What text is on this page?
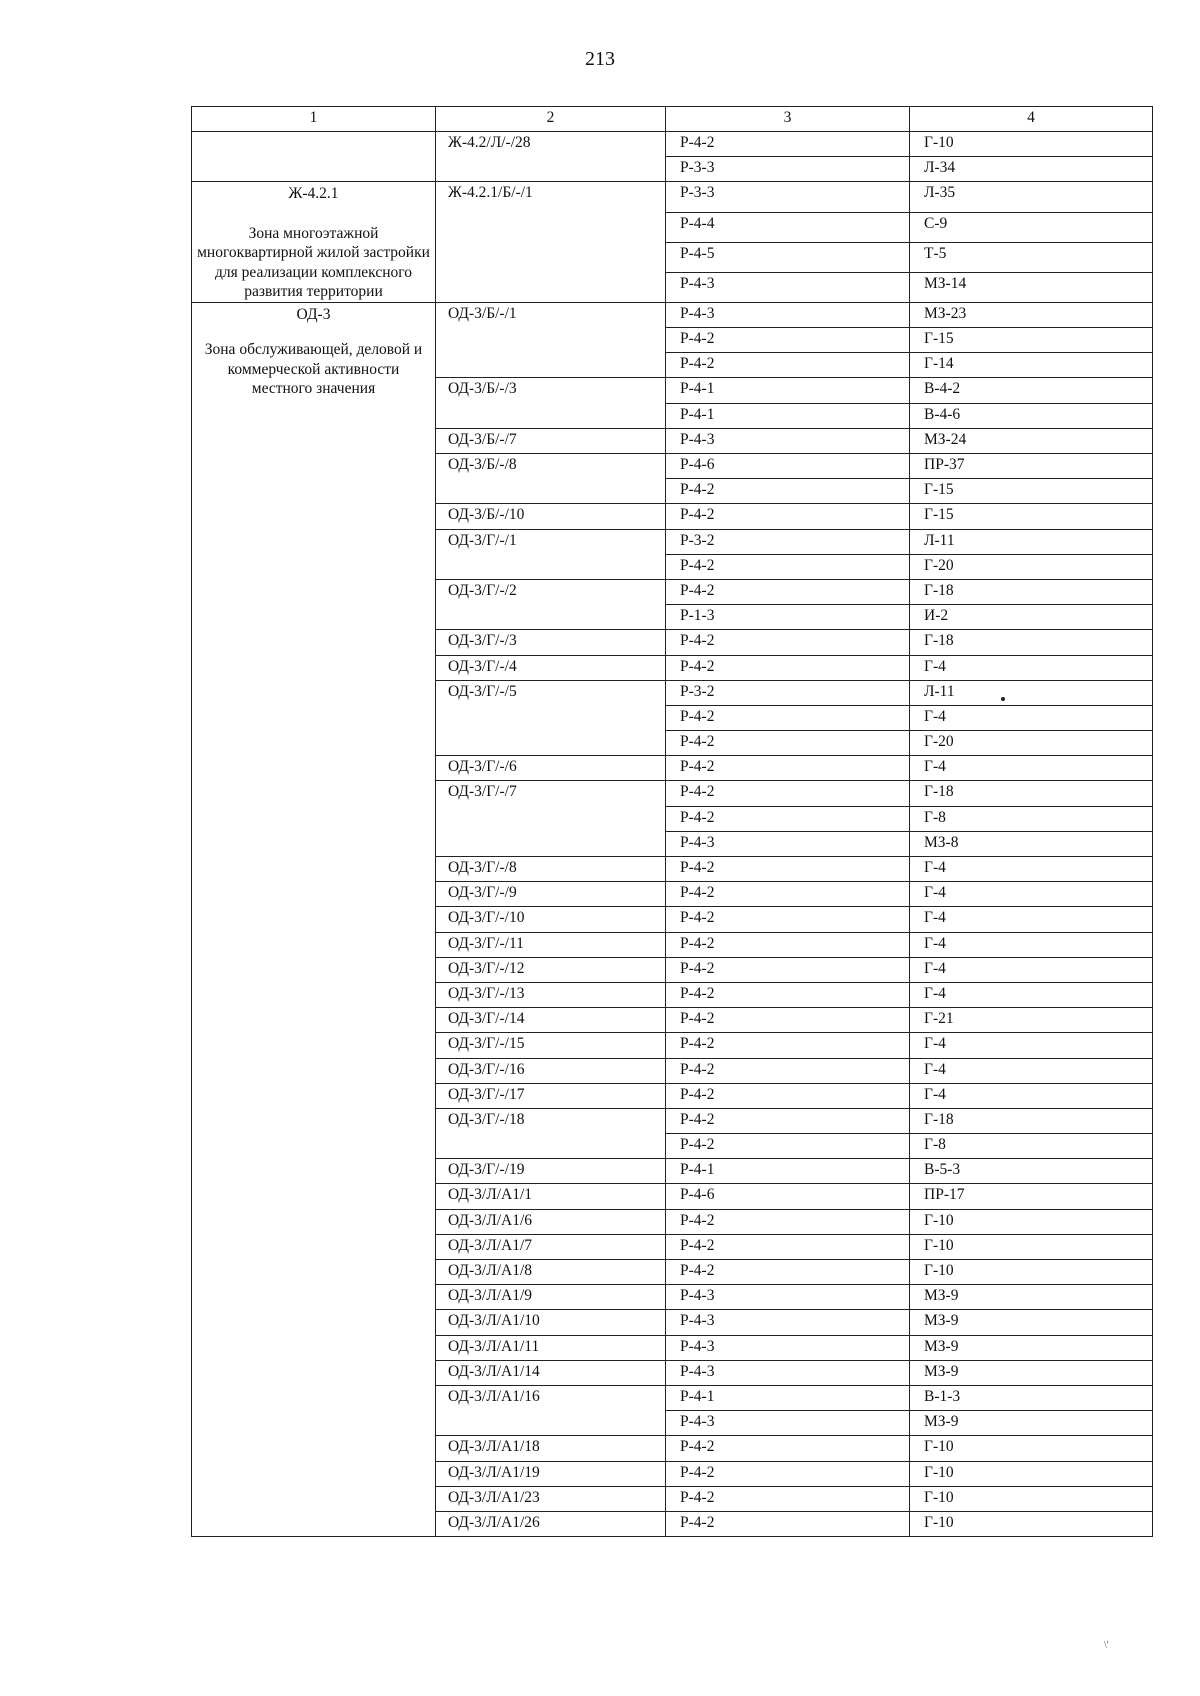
213
1	2	3	4

	Ж-4.2/Л/-/28	Р-4-2	Г-10
		Р-3-3	Л-34

Ж-4.2.1
Зона многоэтажной многоквартирной жилой застройки для реализации комплексного развития территории	Ж-4.2.1/Б/-/1	Р-3-3	Л-35
		Р-4-4	С-9
		Р-4-5	Т-5
		Р-4-3	МЗ-14

ОД-3
Зона обслуживающей, деловой и коммерческой активности местного значения	ОД-3/Б/-/1	Р-4-3	МЗ-23
		Р-4-2	Г-15
		Р-4-2	Г-14
	ОД-3/Б/-/3	Р-4-1	В-4-2
		Р-4-1	В-4-6
	ОД-3/Б/-/7	Р-4-3	МЗ-24
	ОД-3/Б/-/8	Р-4-6	ПР-37
		Р-4-2	Г-15
	ОД-3/Б/-/10	Р-4-2	Г-15
	ОД-3/Г/-/1	Р-3-2	Л-11
		Р-4-2	Г-20
	ОД-3/Г/-/2	Р-4-2	Г-18
		Р-1-3	И-2
	ОД-3/Г/-/3	Р-4-2	Г-18
	ОД-3/Г/-/4	Р-4-2	Г-4
	ОД-3/Г/-/5	Р-3-2	Л-11
		Р-4-2	Г-4
		Р-4-2	Г-20
	ОД-3/Г/-/6	Р-4-2	Г-4
	ОД-3/Г/-/7	Р-4-2	Г-18
		Р-4-2	Г-8
		Р-4-3	МЗ-8
	ОД-3/Г/-/8	Р-4-2	Г-4
	ОД-3/Г/-/9	Р-4-2	Г-4
	ОД-3/Г/-/10	Р-4-2	Г-4
	ОД-3/Г/-/11	Р-4-2	Г-4
	ОД-3/Г/-/12	Р-4-2	Г-4
	ОД-3/Г/-/13	Р-4-2	Г-4
	ОД-3/Г/-/14	Р-4-2	Г-21
	ОД-3/Г/-/15	Р-4-2	Г-4
	ОД-3/Г/-/16	Р-4-2	Г-4
	ОД-3/Г/-/17	Р-4-2	Г-4
	ОД-3/Г/-/18	Р-4-2	Г-18
		Р-4-2	Г-8
	ОД-3/Г/-/19	Р-4-1	В-5-3
	ОД-3/Л/А1/1	Р-4-6	ПР-17
	ОД-3/Л/А1/6	Р-4-2	Г-10
	ОД-3/Л/А1/7	Р-4-2	Г-10
	ОД-3/Л/А1/8	Р-4-2	Г-10
	ОД-3/Л/А1/9	Р-4-3	МЗ-9
	ОД-3/Л/А1/10	Р-4-3	МЗ-9
	ОД-3/Л/А1/11	Р-4-3	МЗ-9
	ОД-3/Л/А1/14	Р-4-3	МЗ-9
	ОД-3/Л/А1/16	Р-4-1	В-1-3
		Р-4-3	МЗ-9
	ОД-3/Л/А1/18	Р-4-2	Г-10
	ОД-3/Л/А1/19	Р-4-2	Г-10
	ОД-3/Л/А1/23	Р-4-2	Г-10
	ОД-3/Л/А1/26	Р-4-2	Г-10
\'
